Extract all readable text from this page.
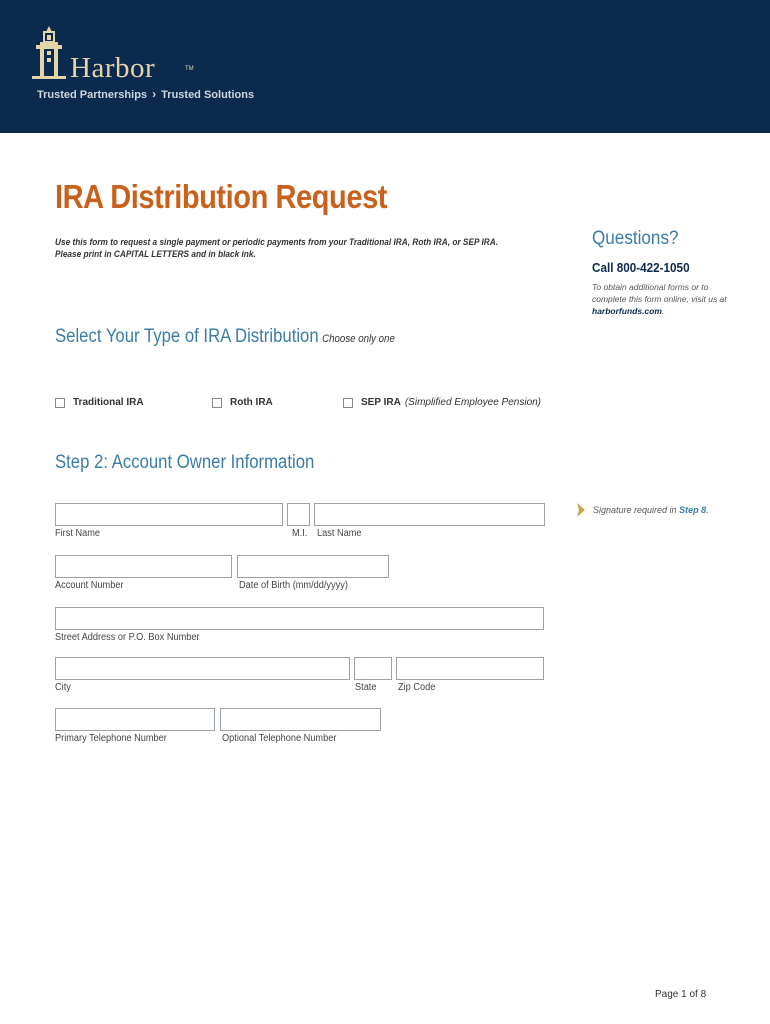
Harbor	TM
Trusted Partnerships › Trusted Solutions
IRA Distribution Request
Use this form to request a single payment or periodic payments from your Traditional IRA, Roth IRA, or SEP IRA.
Please print in CAPITAL LETTERS and in black ink.
Questions?
Call 800-422-1050
To obtain additional forms or to complete this form online, visit us at harborfunds.com.
Select Your Type of IRA Distribution Choose only one
Traditional IRA	Roth IRA	SEP IRA (Simplified Employee Pension)
Step 2: Account Owner Information
First Name	M.I. Last Name
Signature required in
Step 8 .
Account Number	Date of Birth (mm/dd/yyyy)
Street Address or P.O. Box Number
City	State Zip Code
Primary Telephone Number	Optional Telephone Number
Page 1 of 8
